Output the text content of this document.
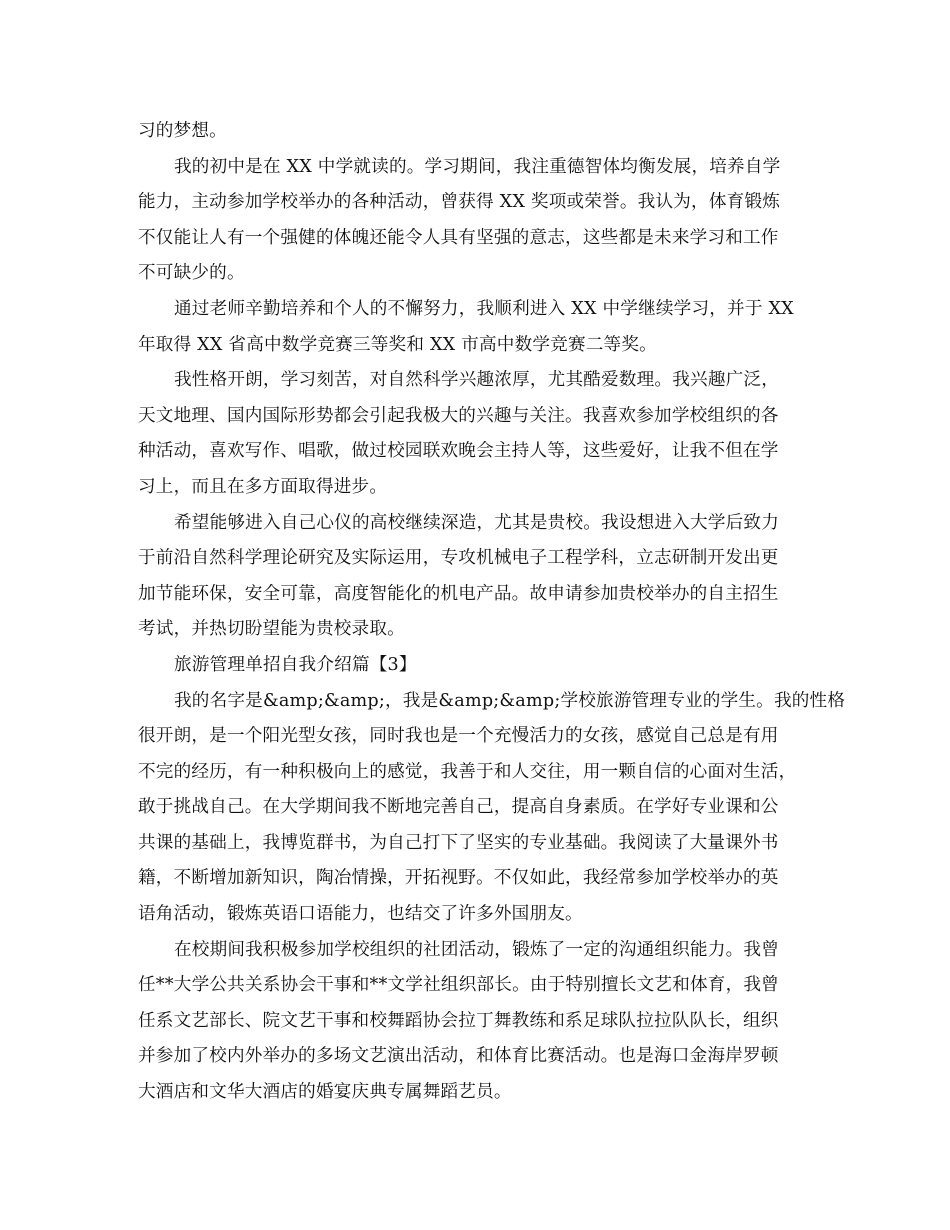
习的梦想。
我的初中是在 XX 中学就读的。学习期间，我注重德智体均衡发展，培养自学
能力，主动参加学校举办的各种活动，曾获得 XX 奖项或荣誉。我认为，体育锻炼
不仅能让人有一个强健的体魄还能令人具有坚强的意志，这些都是未来学习和工作
不可缺少的。
通过老师辛勤培养和个人的不懈努力，我顺利进入 XX 中学继续学习，并于 XX
年取得 XX 省高中数学竞赛三等奖和 XX 市高中数学竞赛二等奖。
我性格开朗，学习刻苦，对自然科学兴趣浓厚，尤其酷爱数理。我兴趣广泛，
天文地理、国内国际形势都会引起我极大的兴趣与关注。我喜欢参加学校组织的各
种活动，喜欢写作、唱歌，做过校园联欢晚会主持人等，这些爱好，让我不但在学
习上，而且在多方面取得进步。
希望能够进入自己心仪的高校继续深造，尤其是贵校。我设想进入大学后致力
于前沿自然科学理论研究及实际运用，专攻机械电子工程学科，立志研制开发出更
加节能环保，安全可靠，高度智能化的机电产品。故申请参加贵校举办的自主招生
考试，并热切盼望能为贵校录取。
旅游管理单招自我介绍篇【3】
我的名字是&amp;&amp;，我是&amp;&amp;学校旅游管理专业的学生。我的性格
很开朗，是一个阳光型女孩，同时我也是一个充慢活力的女孩，感觉自己总是有用
不完的经历，有一种积极向上的感觉，我善于和人交往，用一颗自信的心面对生活，
敢于挑战自己。在大学期间我不断地完善自己，提高自身素质。在学好专业课和公
共课的基础上，我博览群书，为自己打下了坚实的专业基础。我阅读了大量课外书
籍，不断增加新知识，陶冶情操，开拓视野。不仅如此，我经常参加学校举办的英
语角活动，锻炼英语口语能力，也结交了许多外国朋友。
在校期间我积极参加学校组织的社团活动，锻炼了一定的沟通组织能力。我曾
任**大学公共关系协会干事和**文学社组织部长。由于特别擅长文艺和体育，我曾
任系文艺部长、院文艺干事和校舞蹈协会拉丁舞教练和系足球队拉拉队队长，组织
并参加了校内外举办的多场文艺演出活动，和体育比赛活动。也是海口金海岸罗顿
大酒店和文华大酒店的婚宴庆典专属舞蹈艺员。
